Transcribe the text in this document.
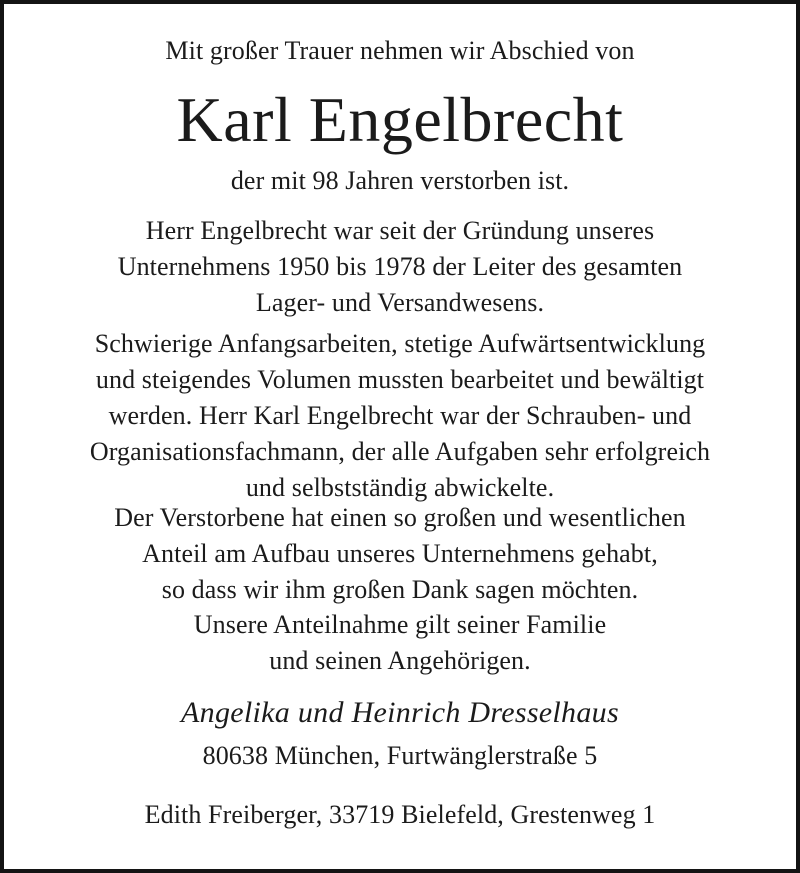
Mit großer Trauer nehmen wir Abschied von

Karl Engelbrecht

der mit 98 Jahren verstorben ist.

Herr Engelbrecht war seit der Gründung unseres

Unternehmens 1950 bis 1978 der Leiter des gesamten

Lager- und Versandwesens.

Schwierige Anfangsarbeiten, stetige Aufwärtsentwicklung

und steigendes Volumen mussten bearbeitet und bewältigt

werden. Herr Karl Engelbrecht war der Schrauben- und

Organisationsfachmann, der alle Aufgaben sehr erfolgreich

und selbstständig abwickelte.

Der Verstorbene hat einen so großen und wesentlichen

Anteil am Aufbau unseres Unternehmens gehabt,

so dass wir ihm großen Dank sagen möchten.

Unsere Anteilnahme gilt seiner Familie

und seinen Angehörigen.

Angelika und Heinrich Dresselhaus

80638 München, Furtwänglerstraße 5

Edith Freiberger, 33719 Bielefeld, Grestenweg 1
